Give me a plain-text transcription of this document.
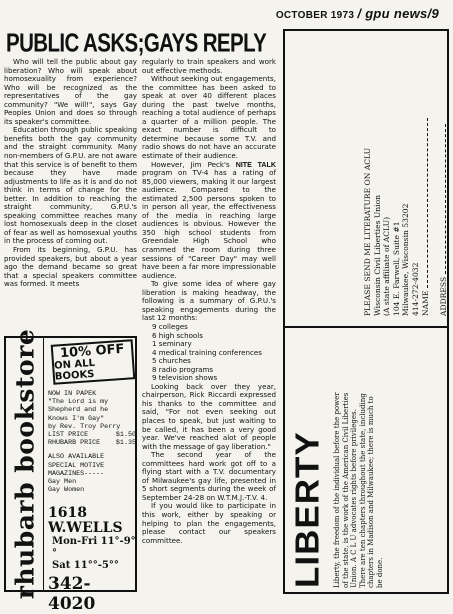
OCTOBER 1973 / gpu news/9
PUBLIC ASKS;GAYS REPLY

Who will tell the public about gay liberation? Who will speak about homosexuality from experience? Who will be recognized as the representatives of the gay community? "We will!", says Gay Peoples Union and does so through its speaker's committee.

Education through public speaking benefits both the gay community and the straight community. Many non-members of G.P.U. are not aware that this service is of benefit to them because they have made adjustments to life as it is and do not think in terms of change for the better. In addition to reaching the straight community, G.P.U.'s speaking committee reaches many lost homosexuals deep in the closet of fear as well as homosexual youths in the process of coming out.

From its beginning, G.P.U. has provided speakers, but about a year ago the demand became so great that a special speakers committee was formed. It meets

regularly to train speakers and work out effective methods.

Without seeking out engagements, the committee has been asked to speak at over 40 different places during the past twelve months, reaching a total audience of perhaps a quarter of a million people. The exact number is difficult to determine because some T.V. and radio shows do not have an accurate estimate of their audience.

However, Jim Peck's NITE TALK program on TV-4 has a rating of 85,000 viewers, making it our largest audience. Compared to the estimated 2,500 persons spoken to in person all year, the effectiveness of the media in reaching large audiences is obvious. However the 350 high school students from Greendale High School who crammed the room during three sessions of "Career Day" may well have been a far more impressionable audience.

To give some idea of where gay liberation is making headway, the following is a summary of G.P.U.'s speaking engagements during the last 12 months:

9 colleges
6 high schools
1 seminary
4 medical training conferences
5 churches
8 radio programs
9 television shows

Looking back over they year, chairperson, Rick Riccardi expressed his thanks to the committee and said, "For not even seeking out places to speak, but just waiting to be called, it has been a very good year. We've reached alot of people with the message of gay liberation."

The second year of the committees hard work got off to a flying start with a T.V. documentary of Milwaukee's gay life, presented in 5 short segments during the week of September 24-28 on W.T.M.J.-T.V. 4.

If you would like to participate in this work, either by speaking or helping to plan the engagements, please contact our speakers committee.

rhubarb bookstore 10% OFF
ON ALL BOOKS
NOW IN PAPEK
"The Lord is my
Shepherd and he
Knows I'm Gay"
by Rev. Troy Perry
LIST PRICE	$1.50
RHUBARB PRICE $1.35
ALSO AVAILABLE
SPECIAL MOTIVE
MAGAZINES-----
Gay Men
Gay Women
1618 W.WELLS
Mon-Fri 11°-9°°
Sat 11°°-5°°
342-4020
LIBERTY Liberty, the freedom of the individual before the power of the state, is the work of the American Civil Liberties Union. A C L U advocates rights before privileges. There are ten chapters throughout the state, including chapters in Madison and Milwaukee; there is much to be done.
PLEASE SEND ME LITERATURE ON ACLU Wisconsin Civil Liberties Union (A state affiliate of ACLU) 104 E. Farwell, Suite #1 Milwaukee, Wisconsin 53202 414-272-4032 NAME ADDRESS
